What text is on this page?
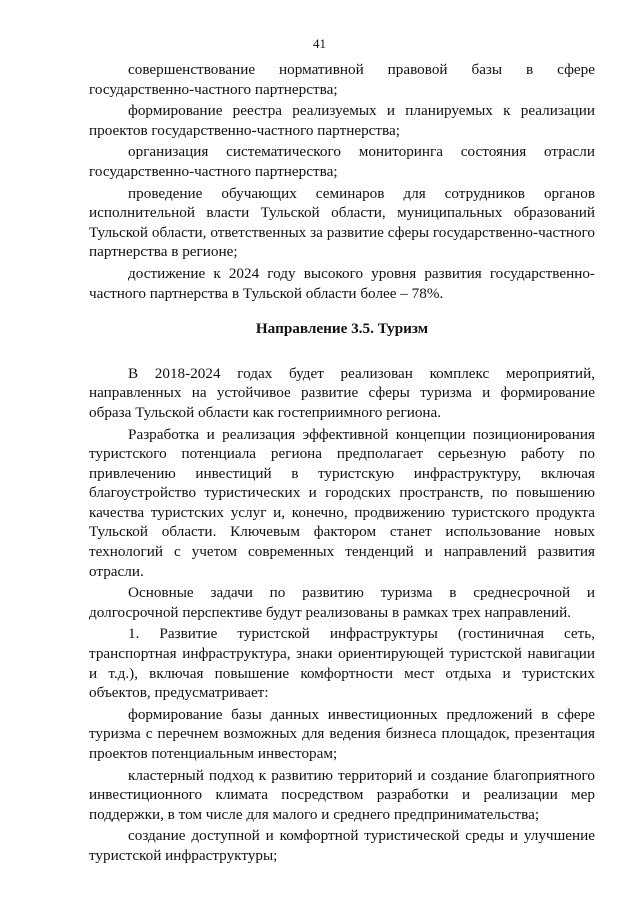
41

совершенствование нормативной правовой базы в сфере государственно-частного партнерства;

формирование реестра реализуемых и планируемых к реализации проектов государственно-частного партнерства;

организация систематического мониторинга состояния отрасли государственно-частного партнерства;

проведение обучающих семинаров для сотрудников органов исполнительной власти Тульской области, муниципальных образований Тульской области, ответственных за развитие сферы государственно-частного партнерства в регионе;

достижение к 2024 году высокого уровня развития государственно-частного партнерства в Тульской области более – 78%.

Направление 3.5. Туризм

В 2018-2024 годах будет реализован комплекс мероприятий, направленных на устойчивое развитие сферы туризма и формирование образа Тульской области как гостеприимного региона.

Разработка и реализация эффективной концепции позиционирования туристского потенциала региона предполагает серьезную работу по привлечению инвестиций в туристскую инфраструктуру, включая благоустройство туристических и городских пространств, по повышению качества туристских услуг и, конечно, продвижению туристского продукта Тульской области. Ключевым фактором станет использование новых технологий с учетом современных тенденций и направлений развития отрасли.

Основные задачи по развитию туризма в среднесрочной и долгосрочной перспективе будут реализованы в рамках трех направлений.

1. Развитие туристской инфраструктуры (гостиничная сеть, транспортная инфраструктура, знаки ориентирующей туристской навигации и т.д.), включая повышение комфортности мест отдыха и туристских объектов, предусматривает:

формирование базы данных инвестиционных предложений в сфере туризма с перечнем возможных для ведения бизнеса площадок, презентация проектов потенциальным инвесторам;

кластерный подход к развитию территорий и создание благоприятного инвестиционного климата посредством разработки и реализации мер поддержки, в том числе для малого и среднего предпринимательства;

создание доступной и комфортной туристической среды и улучшение туристской инфраструктуры;
